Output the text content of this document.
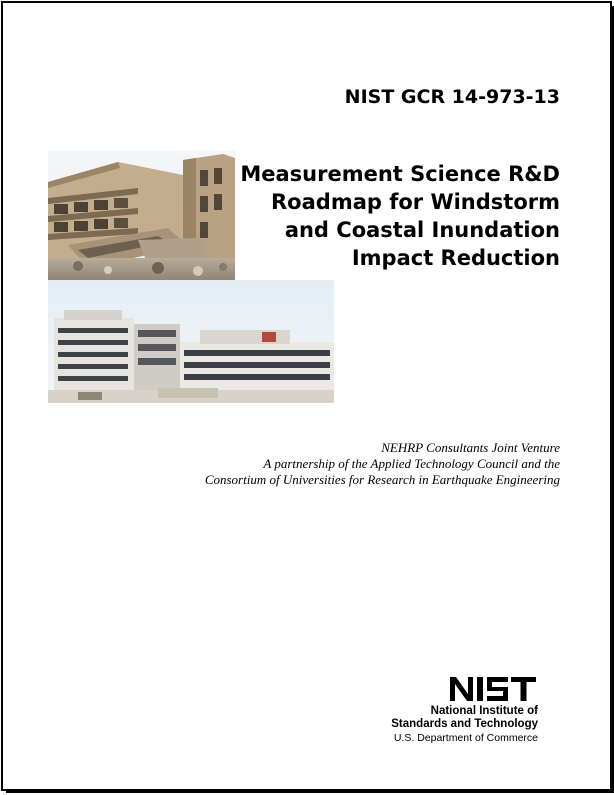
NIST GCR 14-973-13
Measurement Science R&D
Roadmap for Windstorm
and Coastal Inundation
Impact Reduction
NEHRP Consultants Joint Venture
A partnership of the Applied Technology Council and the
Consortium of Universities for Research in Earthquake Engineering
National Institute of
Standards and Technology
U.S. Department of Commerce
